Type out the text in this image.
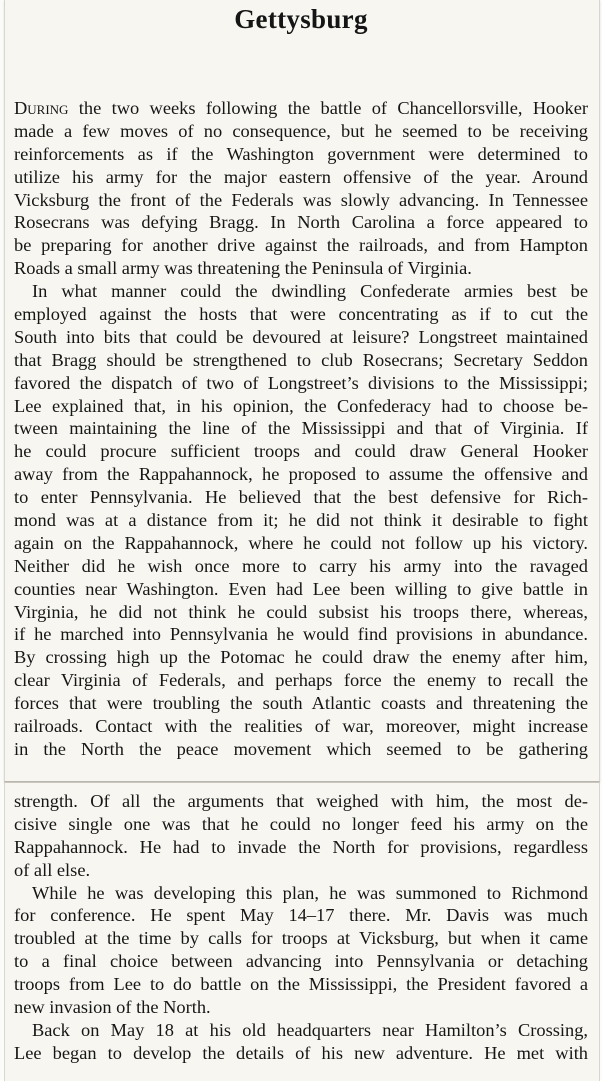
Gettysburg
During the two weeks following the battle of Chancellorsville, Hooker
made a few moves of no consequence, but he seemed to be receiving
reinforcements as if the Washington government were determined to
utilize his army for the major eastern offensive of the year. Around
Vicksburg the front of the Federals was slowly advancing. In Tennessee
Rosecrans was defying Bragg. In North Carolina a force appeared to
be preparing for another drive against the railroads, and from Hampton
Roads a small army was threatening the Peninsula of Virginia.
In what manner could the dwindling Confederate armies best be
employed against the hosts that were concentrating as if to cut the
South into bits that could be devoured at leisure? Longstreet maintained
that Bragg should be strengthened to club Rosecrans; Secretary Seddon
favored the dispatch of two of Longstreet’s divisions to the Mississippi;
Lee explained that, in his opinion, the Confederacy had to choose be-
tween maintaining the line of the Mississippi and that of Virginia. If
he could procure sufficient troops and could draw General Hooker
away from the Rappahannock, he proposed to assume the offensive and
to enter Pennsylvania. He believed that the best defensive for Rich-
mond was at a distance from it; he did not think it desirable to fight
again on the Rappahannock, where he could not follow up his victory.
Neither did he wish once more to carry his army into the ravaged
counties near Washington. Even had Lee been willing to give battle in
Virginia, he did not think he could subsist his troops there, whereas,
if he marched into Pennsylvania he would find provisions in abundance.
By crossing high up the Potomac he could draw the enemy after him,
clear Virginia of Federals, and perhaps force the enemy to recall the
forces that were troubling the south Atlantic coasts and threatening the
railroads. Contact with the realities of war, moreover, might increase
in the North the peace movement which seemed to be gathering
strength. Of all the arguments that weighed with him, the most de-
cisive single one was that he could no longer feed his army on the
Rappahannock. He had to invade the North for provisions, regardless
of all else.
While he was developing this plan, he was summoned to Richmond
for conference. He spent May 14–17 there. Mr. Davis was much
troubled at the time by calls for troops at Vicksburg, but when it came
to a final choice between advancing into Pennsylvania or detaching
troops from Lee to do battle on the Mississippi, the President favored a
new invasion of the North.
Back on May 18 at his old headquarters near Hamilton’s Crossing,
Lee began to develop the details of his new adventure. He met with
